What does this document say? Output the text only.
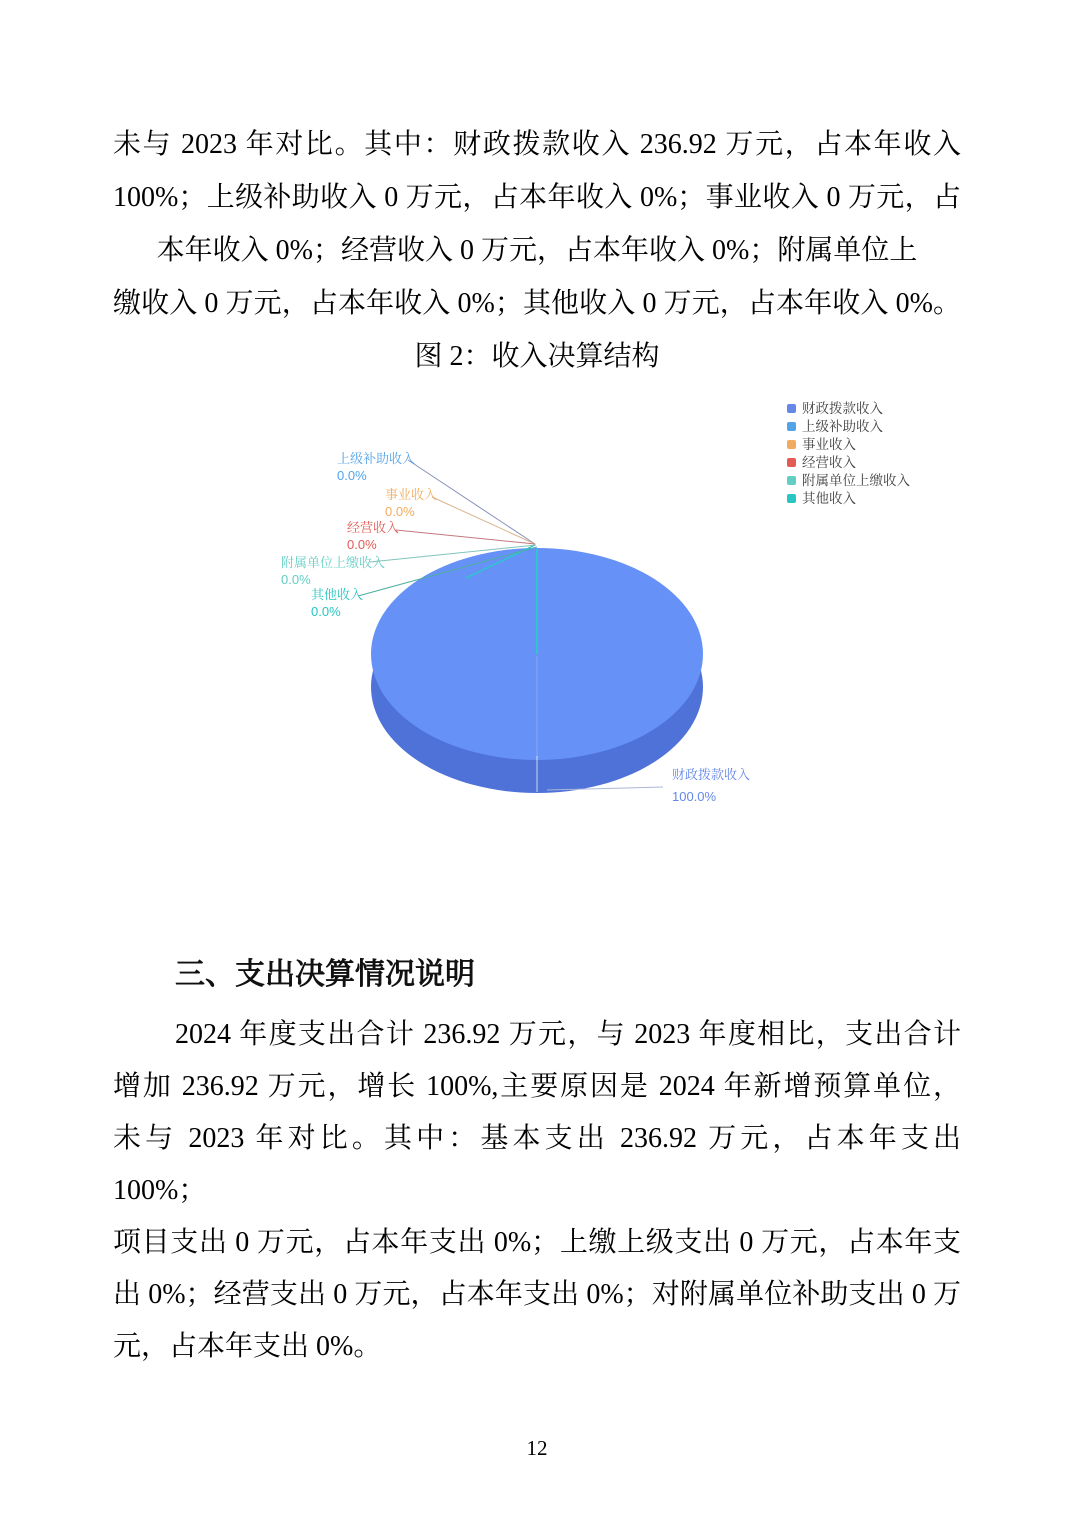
未与 2023 年对比。其中：财政拨款收入 236.92 万元，占本年收入
100%；上级补助收入 0 万元，占本年收入 0%；事业收入 0 万元，占
本年收入 0%；经营收入 0 万元，占本年收入 0%；附属单位上
缴收入 0 万元，占本年收入 0%；其他收入 0 万元，占本年收入 0%。
图 2：收入决算结构
上级补助收入
0.0%
事业收入
0.0%
经营收入
0.0%
附属单位上缴收入
0.0%
其他收入
0.0%
财政拨款收入
100.0%
财政拨款收入
上级补助收入
事业收入
经营收入
附属单位上缴收入
其他收入
三、支出决算情况说明
2024 年度支出合计 236.92 万元，与 2023 年度相比，支出合计
增加 236.92 万元，增长 100%,主要原因是 2024 年新增预算单位，
未与 2023 年对比。其中：基本支出 236.92 万元，占本年支出 100%；
项目支出 0 万元，占本年支出 0%；上缴上级支出 0 万元，占本年支
出 0%；经营支出 0 万元，占本年支出 0%；对附属单位补助支出 0 万
元，占本年支出 0%。
12
